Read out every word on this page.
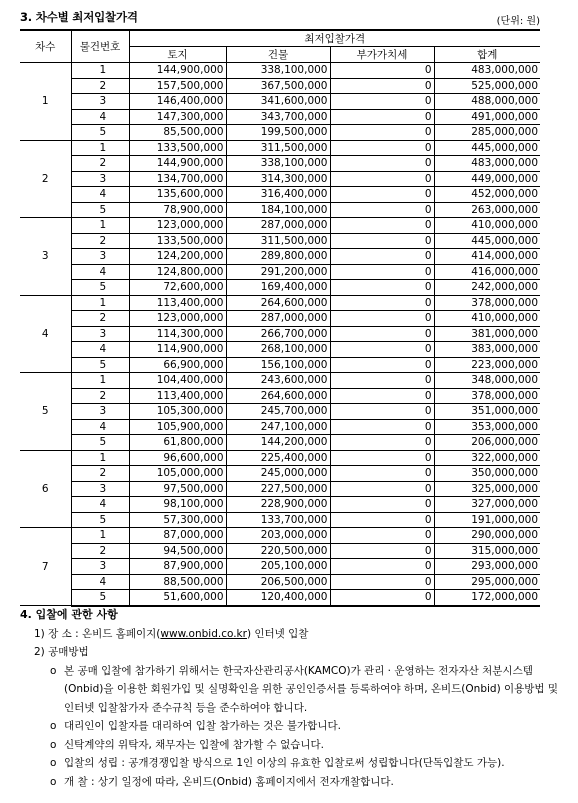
3. 차수별 최저입찰가격	(단위: 원)
차수	물건번호	최저입찰가격			
		토지	건물	부가가치세	합계
1	1	144,900,000	338,100,000	0	483,000,000
	2	157,500,000	367,500,000	0	525,000,000
	3	146,400,000	341,600,000	0	488,000,000
	4	147,300,000	343,700,000	0	491,000,000
	5	85,500,000	199,500,000	0	285,000,000
2	1	133,500,000	311,500,000	0	445,000,000
	2	144,900,000	338,100,000	0	483,000,000
	3	134,700,000	314,300,000	0	449,000,000
	4	135,600,000	316,400,000	0	452,000,000
	5	78,900,000	184,100,000	0	263,000,000
3	1	123,000,000	287,000,000	0	410,000,000
	2	133,500,000	311,500,000	0	445,000,000
	3	124,200,000	289,800,000	0	414,000,000
	4	124,800,000	291,200,000	0	416,000,000
	5	72,600,000	169,400,000	0	242,000,000
4	1	113,400,000	264,600,000	0	378,000,000
	2	123,000,000	287,000,000	0	410,000,000
	3	114,300,000	266,700,000	0	381,000,000
	4	114,900,000	268,100,000	0	383,000,000
	5	66,900,000	156,100,000	0	223,000,000
5	1	104,400,000	243,600,000	0	348,000,000
	2	113,400,000	264,600,000	0	378,000,000
	3	105,300,000	245,700,000	0	351,000,000
	4	105,900,000	247,100,000	0	353,000,000
	5	61,800,000	144,200,000	0	206,000,000
6	1	96,600,000	225,400,000	0	322,000,000
	2	105,000,000	245,000,000	0	350,000,000
	3	97,500,000	227,500,000	0	325,000,000
	4	98,100,000	228,900,000	0	327,000,000
	5	57,300,000	133,700,000	0	191,000,000
7	1	87,000,000	203,000,000	0	290,000,000
	2	94,500,000	220,500,000	0	315,000,000
	3	87,900,000	205,100,000	0	293,000,000
	4	88,500,000	206,500,000	0	295,000,000
	5	51,600,000	120,400,000	0	172,000,000
4. 입찰에 관한 사항
1) 장 소 : 온비드 홈페이지(www.onbid.co.kr) 인터넷 입찰
2) 공매방법
o 본 공매 입찰에 참가하기 위해서는 한국자산관리공사(KAMCO)가 관리 · 운영하는 전자자산 처분시스템(Onbid)을 이용한 회원가입 및 실명확인을 위한 공인인증서를 등록하여야 하며, 온비드(Onbid) 이용방법 및 인터넷 입찰참가자 준수규칙 등을 준수하여야 합니다.
o 대리인이 입찰자를 대리하여 입찰 참가하는 것은 불가합니다.
o 신탁계약의 위탁자, 채무자는 입찰에 참가할 수 없습니다.
o 입찰의 성립 : 공개경쟁입찰 방식으로 1인 이상의 유효한 입찰로써 성립합니다(단독입찰도 가능).
o 개 찰 : 상기 일정에 따라, 온비드(Onbid) 홈페이지에서 전자개찰합니다.
